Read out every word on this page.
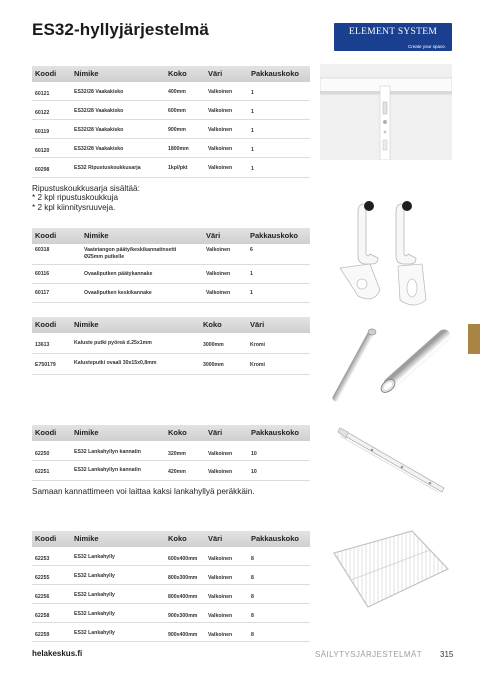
ES32-hyllyjärjestelmä	ELEMENT SYSTEM
Create your space.
Koodi Nimike	Koko	Väri	Pakkauskoko
60121	ES32/28 Vaakakisko	400mm	Valkoinen	1
60122	ES32/28 Vaakakisko	600mm	Valkoinen	1
60119	ES32/28 Vaakakisko	900mm	Valkoinen	1
60120	ES32/28 Vaakakisko	1800mm	Valkoinen	1
60298	ES32 Ripustuskoukkusarja	1kpl/pkt	Valkoinen	1
Ripustuskoukkusarja sisältää:
* 2 kpl ripustuskoukkuja
* 2 kpl kiinnitysruuveja.
Koodi	Nimike	Väri	Pakkauskoko
60318	Vaatetangon pääty/keskikannatinsetti
Ø25mm putkelle
Valkoinen	6
60116	Ovaaliputken päätykannake	Valkoinen	1
60117	Ovaaliputken keskikannake	Valkoinen	1
Koodi Nimike	Koko	Väri
13613	Kaluste putki pyöreä d.25x1mm	3000mm	Kromi
E750179	Kalusteputki ovaali 30x15x0,8mm	3000mm	Kromi
Koodi Nimike	Koko	Väri	Pakkauskoko
62250	ES32 Lankahyllyn kannatin	320mm	Valkoinen	10
62251	ES32 Lankahyllyn kannatin	420mm	Valkoinen	10
Samaan kannattimeen voi laittaa kaksi lankahyllyä peräkkäin.
Koodi Nimike	Koko	Väri	Pakkauskoko
62253	ES32 Lankahylly	600x400mm Valkoinen	8
62255	ES32 Lankahylly	800x300mm Valkoinen	8
62256	ES32 Lankahylly	800x400mm Valkoinen	8
62258	ES32 Lankahylly	900x300mm Valkoinen	8
62259	ES32 Lankahylly	900x400mm Valkoinen	8
helakeskus.fi	SÄILYTYSJÄRJESTELMÄT 315
